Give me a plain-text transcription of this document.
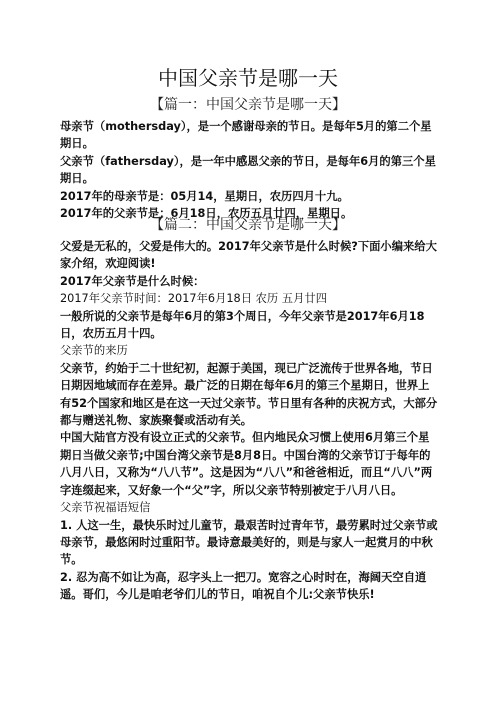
中国父亲节是哪一天
【篇一：中国父亲节是哪一天】

母亲节（mothersday），是一个感谢母亲的节日。是每年5月的第二个星期日。

父亲节（fathersday），是一年中感恩父亲的节日，是每年6月的第三个星期日。

2017年的母亲节是：05月14，星期日，农历四月十九。

2017年的父亲节是：6月18日，农历五月廿四，星期日。

【篇二：中国父亲节是哪一天】

父爱是无私的，父爱是伟大的。2017年父亲节是什么时候?下面小编来给大家介绍，欢迎阅读!

2017年父亲节是什么时候：

2017年父亲节时间：2017年6月18日 农历 五月廿四

一般所说的父亲节是每年6月的第3个周日，今年父亲节是2017年6月18日，农历五月十四。

父亲节的来历

父亲节，约始于二十世纪初，起源于美国，现已广泛流传于世界各地，节日日期因地域而存在差异。最广泛的日期在每年6月的第三个星期日，世界上有52个国家和地区是在这一天过父亲节。节日里有各种的庆祝方式，大部分都与赠送礼物、家族聚餐或活动有关。

中国大陆官方没有设立正式的父亲节。但内地民众习惯上使用6月第三个星期日当做父亲节;中国台湾父亲节是8月8日。中国台湾的父亲节订于每年的八月八日，又称为“八八节”。这是因为“八八”和爸爸相近，而且“八八”两字连缀起来，又好象一个“父”字，所以父亲节特别被定于八月八日。

父亲节祝福语短信

1. 人这一生，最快乐时过儿童节，最艰苦时过青年节，最劳累时过父亲节或母亲节，最悠闲时过重阳节。最诗意最美好的，则是与家人一起赏月的中秋节。

2. 忍为高不如让为高，忍字头上一把刀。宽容之心时时在，海阔天空自逍遥。哥们，今儿是咱老爷们儿的节日，咱祝自个儿:父亲节快乐!
